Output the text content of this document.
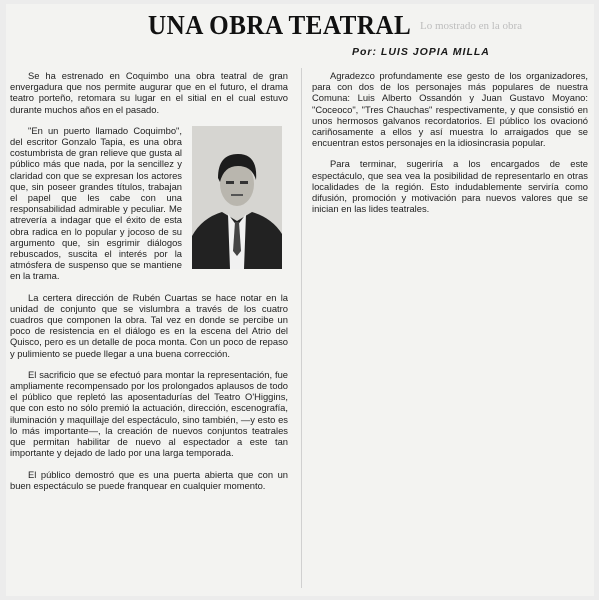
Lo mostrado en la obra
UNA OBRA TEATRAL
Por: LUIS JOPIA MILLA

Se ha estrenado en Coquimbo una obra teatral de gran envergadura que nos permite augurar que en el futuro, el drama teatro porteño, retomara su lugar en el sitial en el cual estuvo durante muchos años en el pasado.

"En un puerto llamado Coquimbo", del escritor Gonzalo Tapia, es una obra costumbrista de gran relieve que gusta al público más que nada, por la sencillez y claridad con que se expresan los actores que, sin poseer grandes títulos, trabajan el papel que les cabe con una responsabilidad admirable y peculiar. Me atrevería a indagar que el éxito de esta obra radica en lo popular y jocoso de su argumento que, sin esgrimir diálogos rebuscados, suscita el interés por la atmósfera de suspenso que se mantiene en la trama.

La certera dirección de Rubén Cuartas se hace notar en la unidad de conjunto que se vislumbra a través de los cuatro cuadros que componen la obra. Tal vez en donde se percibe un poco de resistencia en el diálogo es en la escena del Atrio del Quisco, pero es un detalle de poca monta. Con un poco de repaso y pulimiento se puede llegar a una buena corrección.

El sacrificio que se efectuó para montar la representación, fue ampliamente recompensado por los prolongados aplausos de todo el público que repletó las aposentadurías del Teatro O'Higgins, que con esto no sólo premió la actuación, dirección, escenografía, iluminación y maquillaje del espectáculo, sino también, —y esto es lo más importante—, la creación de nuevos conjuntos teatrales que permitan habilitar de nuevo al espectador a este tan importante y dejado de lado por una larga temporada.

El público demostró que es una puerta abierta que con un buen espectáculo se puede franquear en cualquier momento.

Agradezco profundamente ese gesto de los organizadores, para con dos de los personajes más populares de nuestra Comuna: Luis Alberto Ossandón y Juan Gustavo Moyano: "Coceoco", "Tres Chauchas" respectivamente, y que consistió en unos hermosos galvanos recordatorios. El público los ovacionó cariñosamente a ellos y así muestra lo arraigados que se encuentran estos personajes en la idiosincrasia popular.

Para terminar, sugeriría a los encargados de este espectáculo, que sea vea la posibilidad de representarlo en otras localidades de la región. Esto indudablemente serviría como difusión, promoción y motivación para nuevos valores que se inician en las lides teatrales.
